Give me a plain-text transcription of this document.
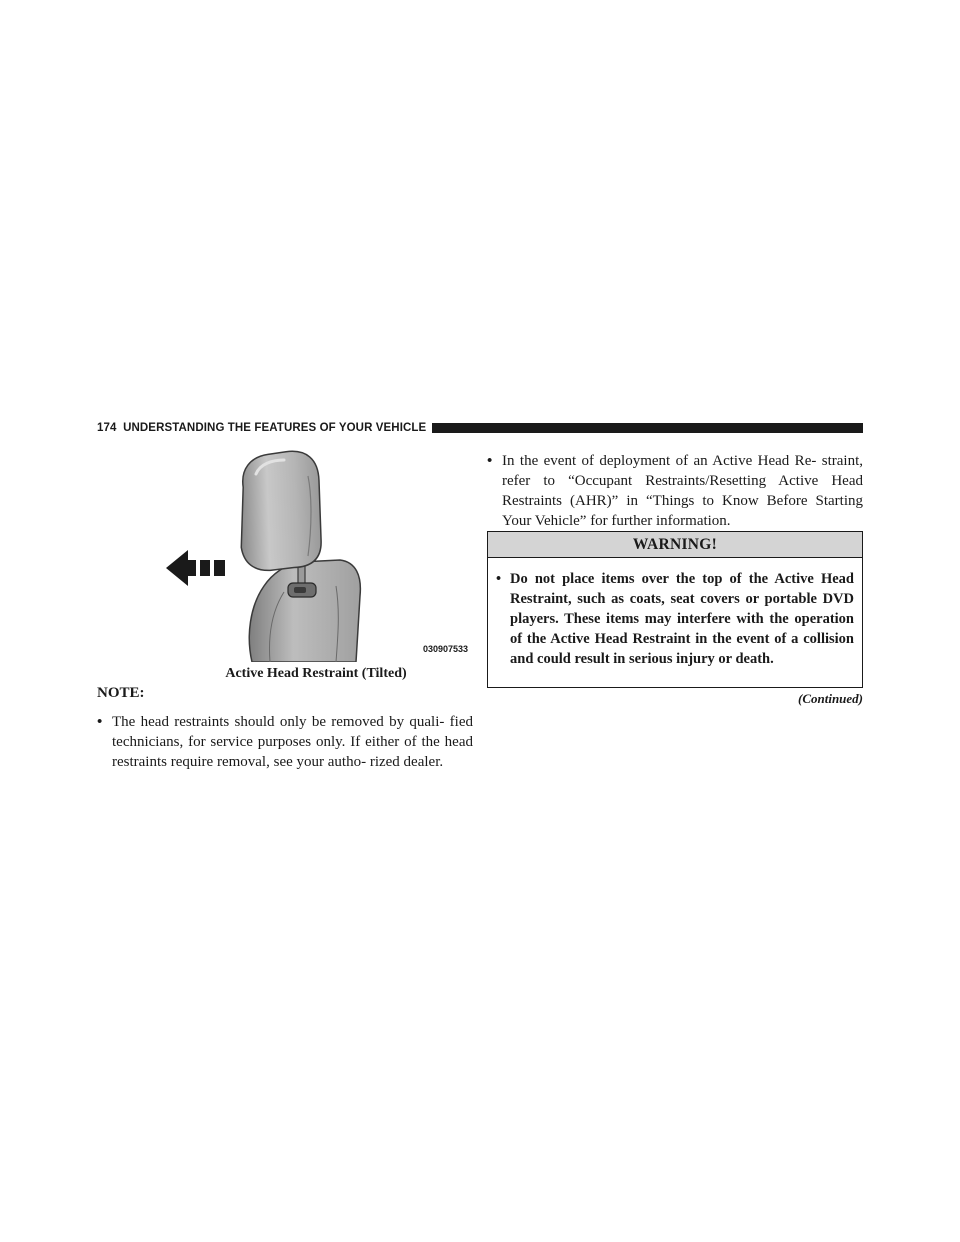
174 UNDERSTANDING THE FEATURES OF YOUR VEHICLE
030907533
Active Head Restraint (Tilted)
NOTE:
• The head restraints should only be removed by quali- fied technicians, for service purposes only. If either of the head restraints require removal, see your autho- rized dealer.
• In the event of deployment of an Active Head Re- straint, refer to “Occupant Restraints/Resetting Active Head Restraints (AHR)” in “Things to Know Before Starting Your Vehicle” for further information.
WARNING!
• Do not place items over the top of the Active Head Restraint, such as coats, seat covers or portable DVD players. These items may interfere with the operation of the Active Head Restraint in the event of a collision and could result in serious injury or death.
(Continued)
